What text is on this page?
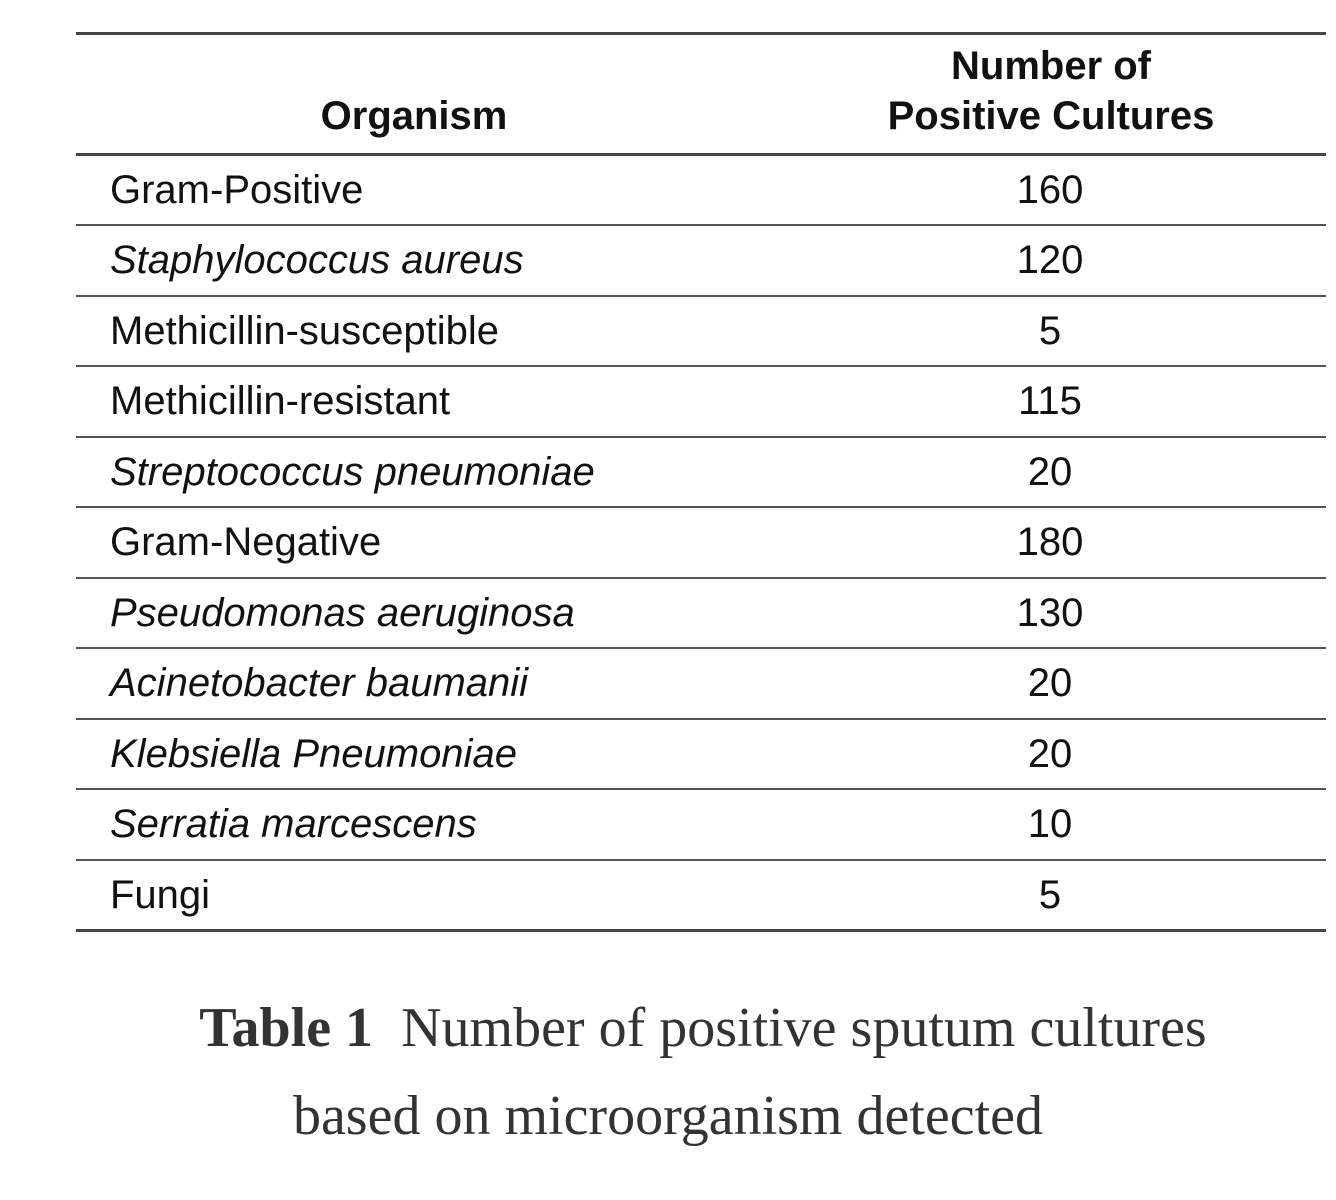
Organism	Number of
Positive Cultures

Gram-Positive	160
Staphylococcus aureus	120
Methicillin-susceptible	5
Methicillin-resistant	115
Streptococcus pneumoniae	20
Gram-Negative	180
Pseudomonas aeruginosa	130
Acinetobacter baumanii	20
Klebsiella Pneumoniae	20
Serratia marcescens	10
Fungi	5
Table 1 Number of positive sputum cultures
based on microorganism detected
